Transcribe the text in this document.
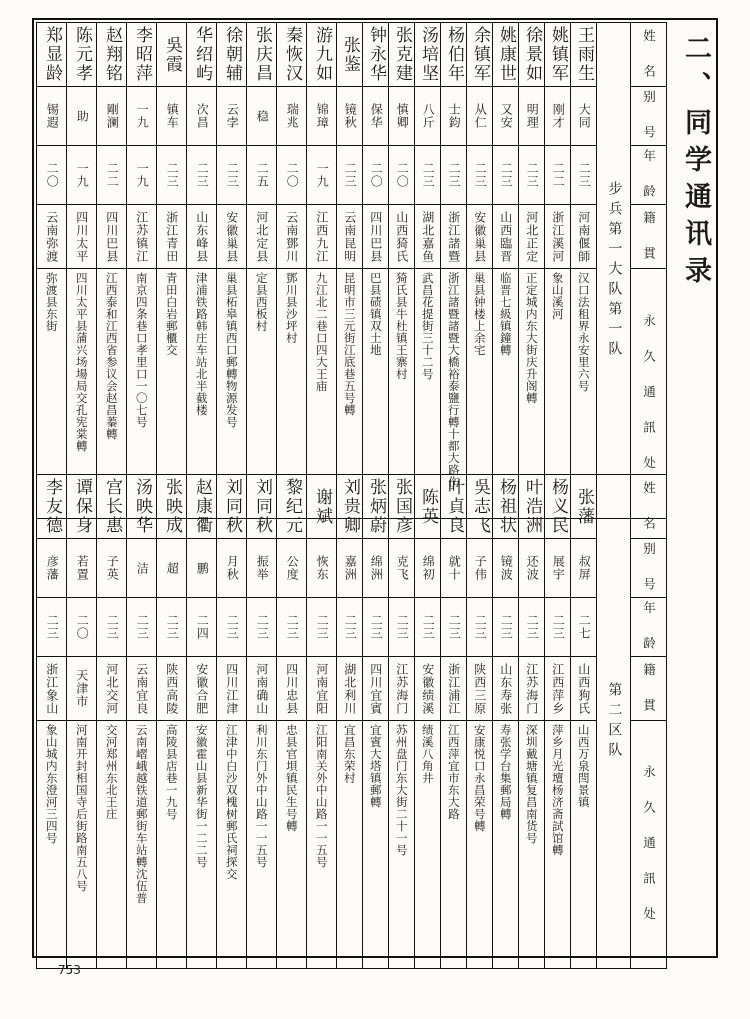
二、同学通讯录
郑显龄	陈元孝	赵翔铭	李昭萍	吳霞	华绍屿	徐朝辅	张庆昌	秦恢汉	游九如	张鉴	钟永华	张克建	汤培坚	杨伯年	余镇军	姚康世	徐景如	姚镇军	王雨生	步兵第一大队第一队	姓 名

锡遐	助	剛澜	一九	镇车	次昌	云孛	稳	瑞兆	锦璋	镜秋	保华	慎卿	八斤	士鈞	从仁	又安	明理	刚才	大同		别 号

二〇	一九	二二	一九	二三	二三	二三	二五	二〇	一九	二三	二〇	二〇	二三	二三	二三	二三	二三	二二	二三		年 龄

云南弥渡	四川太平	四川巴县	江苏镇江	浙江青田	山东峰县	安徽巢县	河北定县	云南鄧川	江西九江	云南昆明	四川巴县	山西猗氏	湖北嘉鱼	浙江諸暨	安徽巢县	山西臨晋	河北正定	浙江溪河	河南偃師		籍 貫

弥渡县东街	四川太平县蒲兴场場局交孔宪棠轉	江西泰和江西省参议会赵昌蓁轉	南京四条巷口孝里口一〇七号	青田白岩郵櫃交	津浦铁路韩庄车站北半截楼	巢县柘皋镇西口郵轉物源发号	定县西板村	鄧川县沙坪村	九江北二巷口四大王庙	昆明市三元街江底巷五号轉	巴县碛镇双土地	猗氏县牛杜镇王寨村	武昌花提街三十二号	浙江諸暨諸暨大橋裕泰鹽行轉十都大路伤	巢县钟楼上余宅	临晋七級镇鐘轉	正定城内东大街庆升阁轉	象山溪河	汉口法租界永安里六号		永 久 通 訊 处
李友德	谭保身	宫长惠	汤映华	张映成	赵康衢	刘同秋	刘同秋	黎纪元	谢斌	刘贵卿	张炳蔚	张国彦	陈英	叶貞良	吳志飞	杨祖状	叶浩洲	杨义民	张藩	第二区队	姓 名

彦藩	若置	子英	洁	超	鹏	月秋	振举	公度	恢东	嘉洲	绵洲	克飞	绵初	就十	子伟	镜波	还波	展宇	叔屏		别 号

二三	二〇	二三	二三	二三	二四	二三	二三	二三	二三	二三	二三	二三	二三	二三	二三	二三	二三	二三	二七		年 龄

浙江象山	天津市	河北交河	云南宜良	陕西高陵	安徽合肥	四川江津	河南确山	四川忠县	河南宜阳	湖北利川	四川宜賓	江苏海门	安徽绩溪	浙江浦江	陕西三原	山东寿张	江苏海门	江西萍乡	山西狗氏		籍 貫

象山城内东澄河三四号	河南开封相国寺后街路南五八号	交河郑州东北王庄	云南嶍峨越铁道郵街车站轉沈伍普	高陵县店巷一九号	安徽霍山县新华街一二二号	江津中白沙双槐树郵氏祠探交	利川东门外中山路一一五号	忠县官垻镇民生号轉	江阳南关外中山路一一五号	宜昌东荣村	宜賓大塔镇郵轉	苏州盘门东大街二十一号	绩溪八角井	江西萍宜市东大路	安康悦口永昌荣号轉	寿张学台集郵局轉	深圳戴塘镇复昌南货号	萍乡月光壇杨济斋試馆轉	山西万泉閆景镇		永 久 通 訊 处
753
